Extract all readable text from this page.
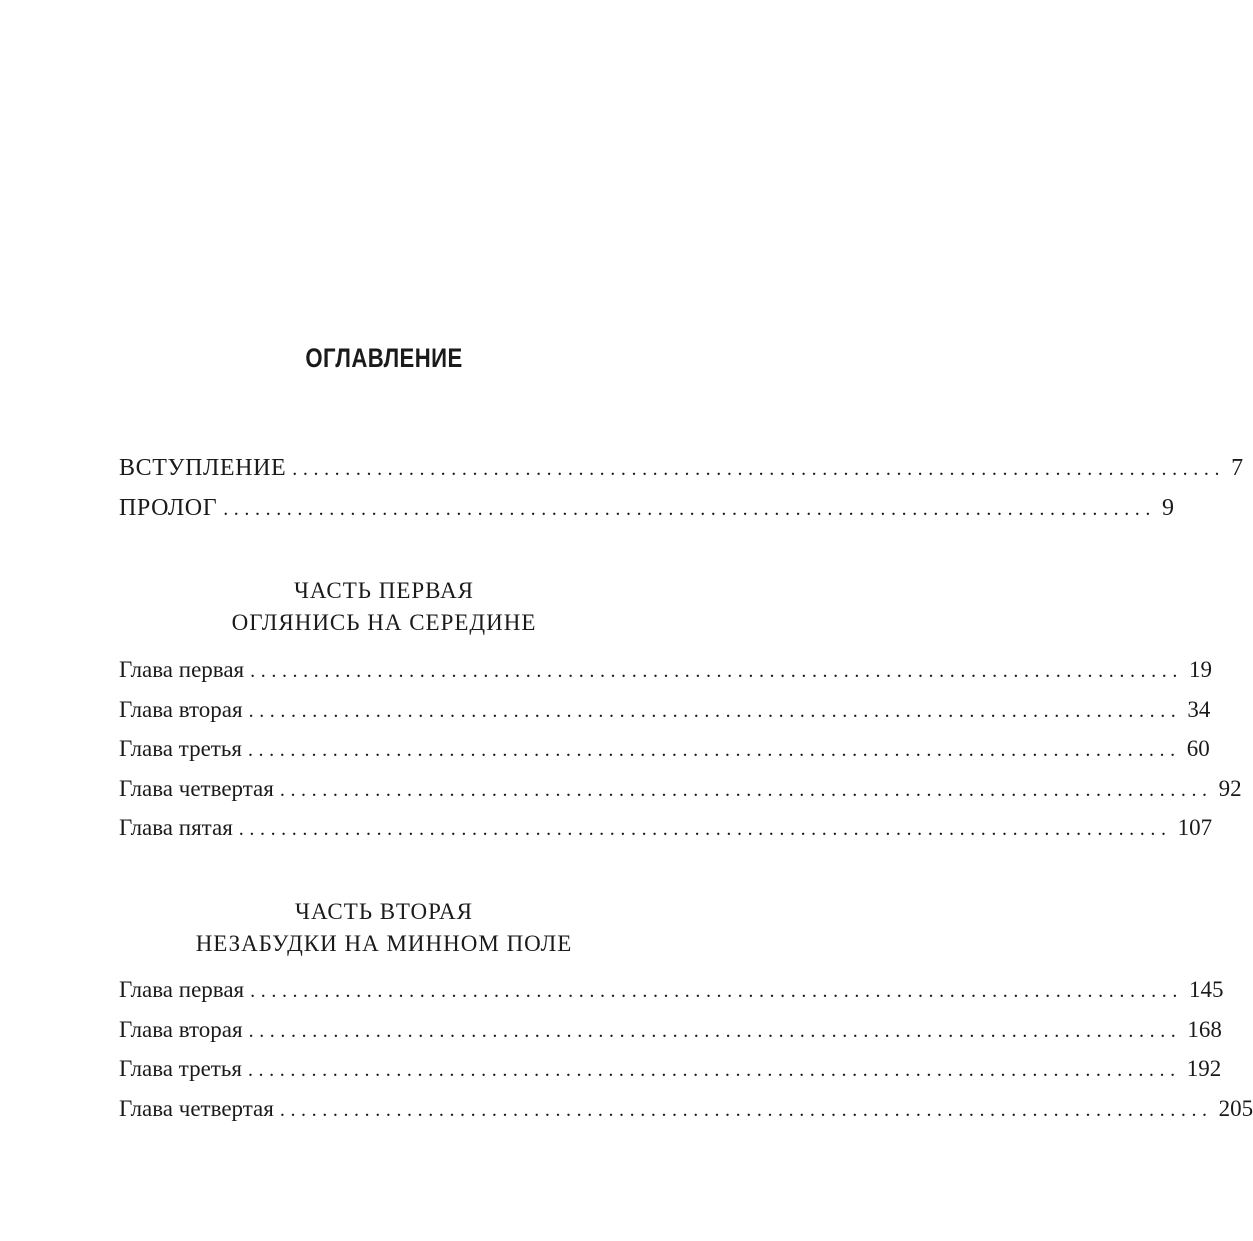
ОГЛАВЛЕНИЕ
ВСТУПЛЕНИЕ ........................................................................................ 7
ПРОЛОГ ........................................................................................ 9
ЧАСТЬ ПЕРВАЯ
ОГЛЯНИСЬ НА СЕРЕДИНЕ
Глава первая ........................................................................................ 19
Глава вторая ........................................................................................ 34
Глава третья ........................................................................................ 60
Глава четвертая ........................................................................................ 92
Глава пятая ........................................................................................ 107
ЧАСТЬ ВТОРАЯ
НЕЗАБУДКИ НА МИННОМ ПОЛЕ
Глава первая ........................................................................................ 145
Глава вторая ........................................................................................ 168
Глава третья ........................................................................................ 192
Глава четвертая ........................................................................................ 205
